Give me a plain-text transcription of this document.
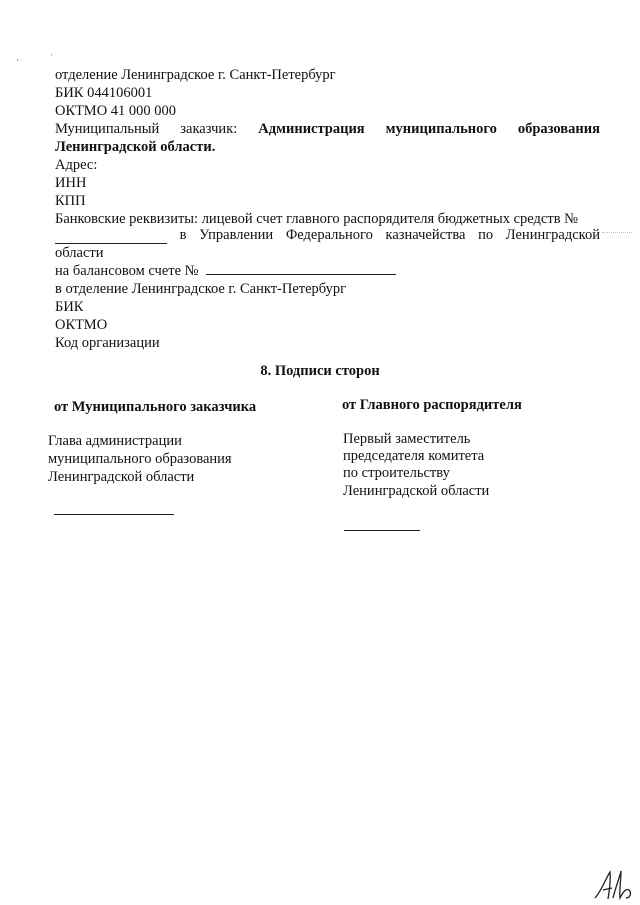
‚	·
отделение Ленинградское г. Санкт-Петербург
БИК 044106001
ОКТМО 41 000 000
Муниципальный заказчик: Администрация муниципального образования
Ленинградской области.
Адрес:
ИНН
КПП
Банковские реквизиты: лицевой счет главного распорядителя бюджетных средств №
в Управлении Федерального казначейства по Ленинградской
области
на балансовом счете №
в отделение Ленинградское г. Санкт-Петербург
БИК
ОКТМО
Код организации
8. Подписи сторон
от Муниципального заказчика
Глава администрации
муниципального образования
Ленинградской области
от Главного распорядителя
Первый заместитель
председателя комитета
по строительству
Ленинградской области
